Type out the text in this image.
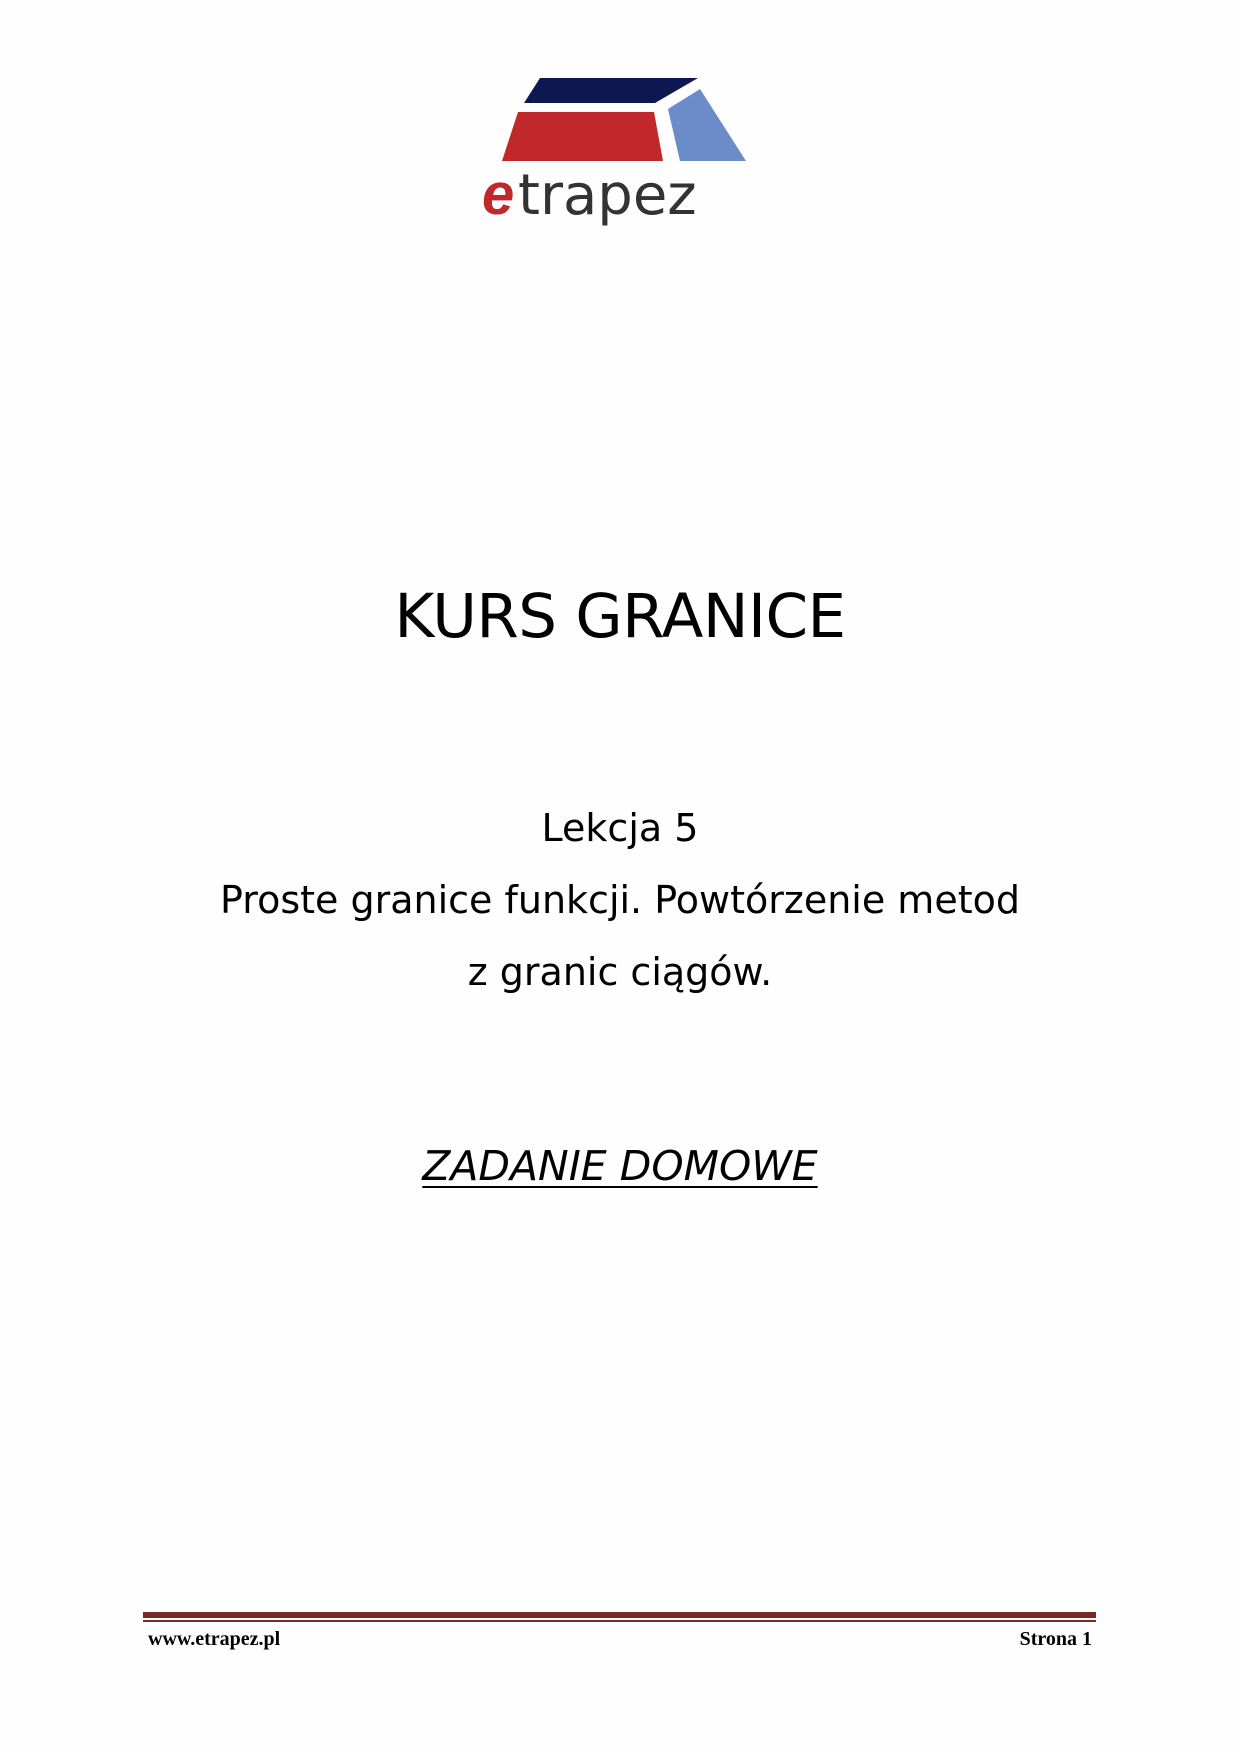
e trapez
KURS GRANICE
Lekcja 5
Proste granice funkcji. Powtórzenie metod
z granic ciągów.
ZADANIE DOMOWE
www.etrapez.pl	Strona 1
